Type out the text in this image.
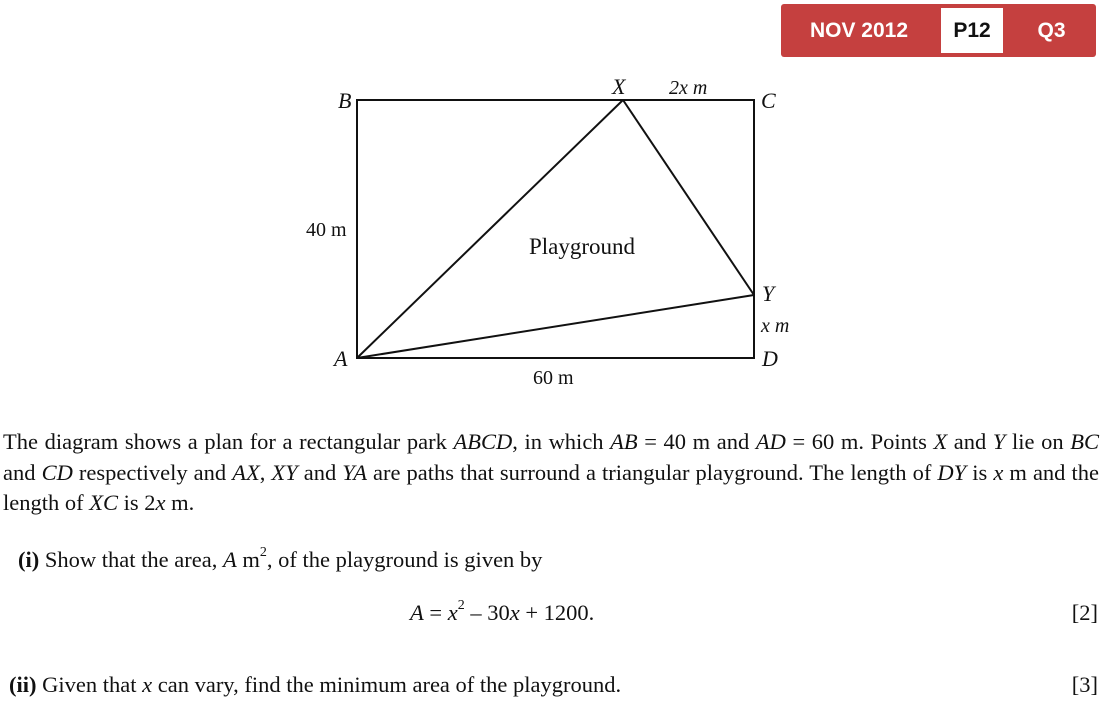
NOV 2012	P12	Q3
B
X 2x m C
40 m
Playground
Y
x m
A	D
60 m

The diagram shows a plan for a rectangular park ABCD, in which AB = 40 m and AD = 60 m. Points X and Y lie on BC and CD respectively and AX, XY and YA are paths that surround a triangular playground. The length of DY is x m and the length of XC is 2x m.

(i) Show that the area, A $m^2$, of the playground is given by
$A = x^2 - 30x + 1200$.	[2]
(ii) Given that x can vary, find the minimum area of the playground.	[3]
